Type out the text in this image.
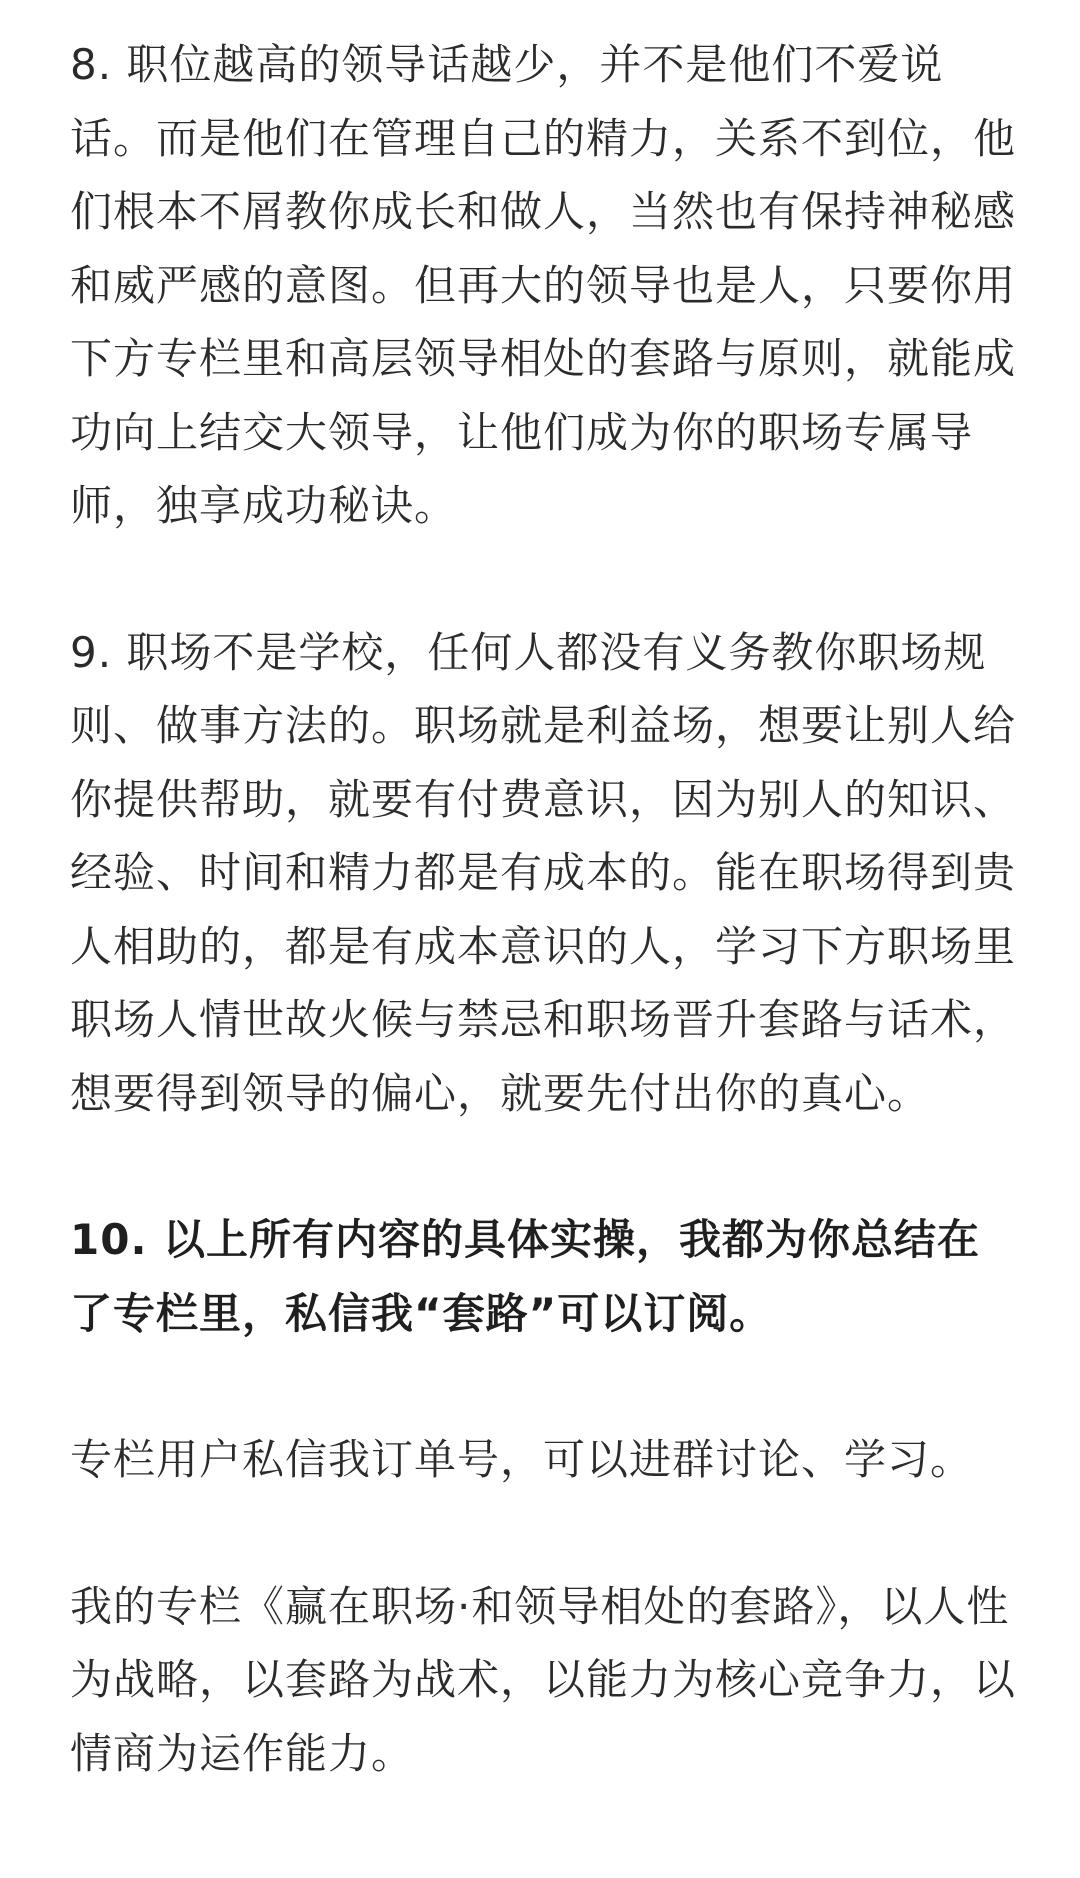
8. 职位越高的领导话越少，并不是他们不爱说话。而是他们在管理自己的精力，关系不到位，他们根本不屑教你成长和做人，当然也有保持神秘感和威严感的意图。但再大的领导也是人，只要你用下方专栏里和高层领导相处的套路与原则，就能成功向上结交大领导，让他们成为你的职场专属导师，独享成功秘诀。

9. 职场不是学校，任何人都没有义务教你职场规则、做事方法的。职场就是利益场，想要让别人给你提供帮助，就要有付费意识，因为别人的知识、经验、时间和精力都是有成本的。能在职场得到贵人相助的，都是有成本意识的人，学习下方职场里职场人情世故火候与禁忌和职场晋升套路与话术，想要得到领导的偏心，就要先付出你的真心。

10. 以上所有内容的具体实操，我都为你总结在了专栏里，私信我“套路”可以订阅。

专栏用户私信我订单号，可以进群讨论、学习。

我的专栏《赢在职场·和领导相处的套路》，以人性为战略，以套路为战术，以能力为核心竞争力，以情商为运作能力。
